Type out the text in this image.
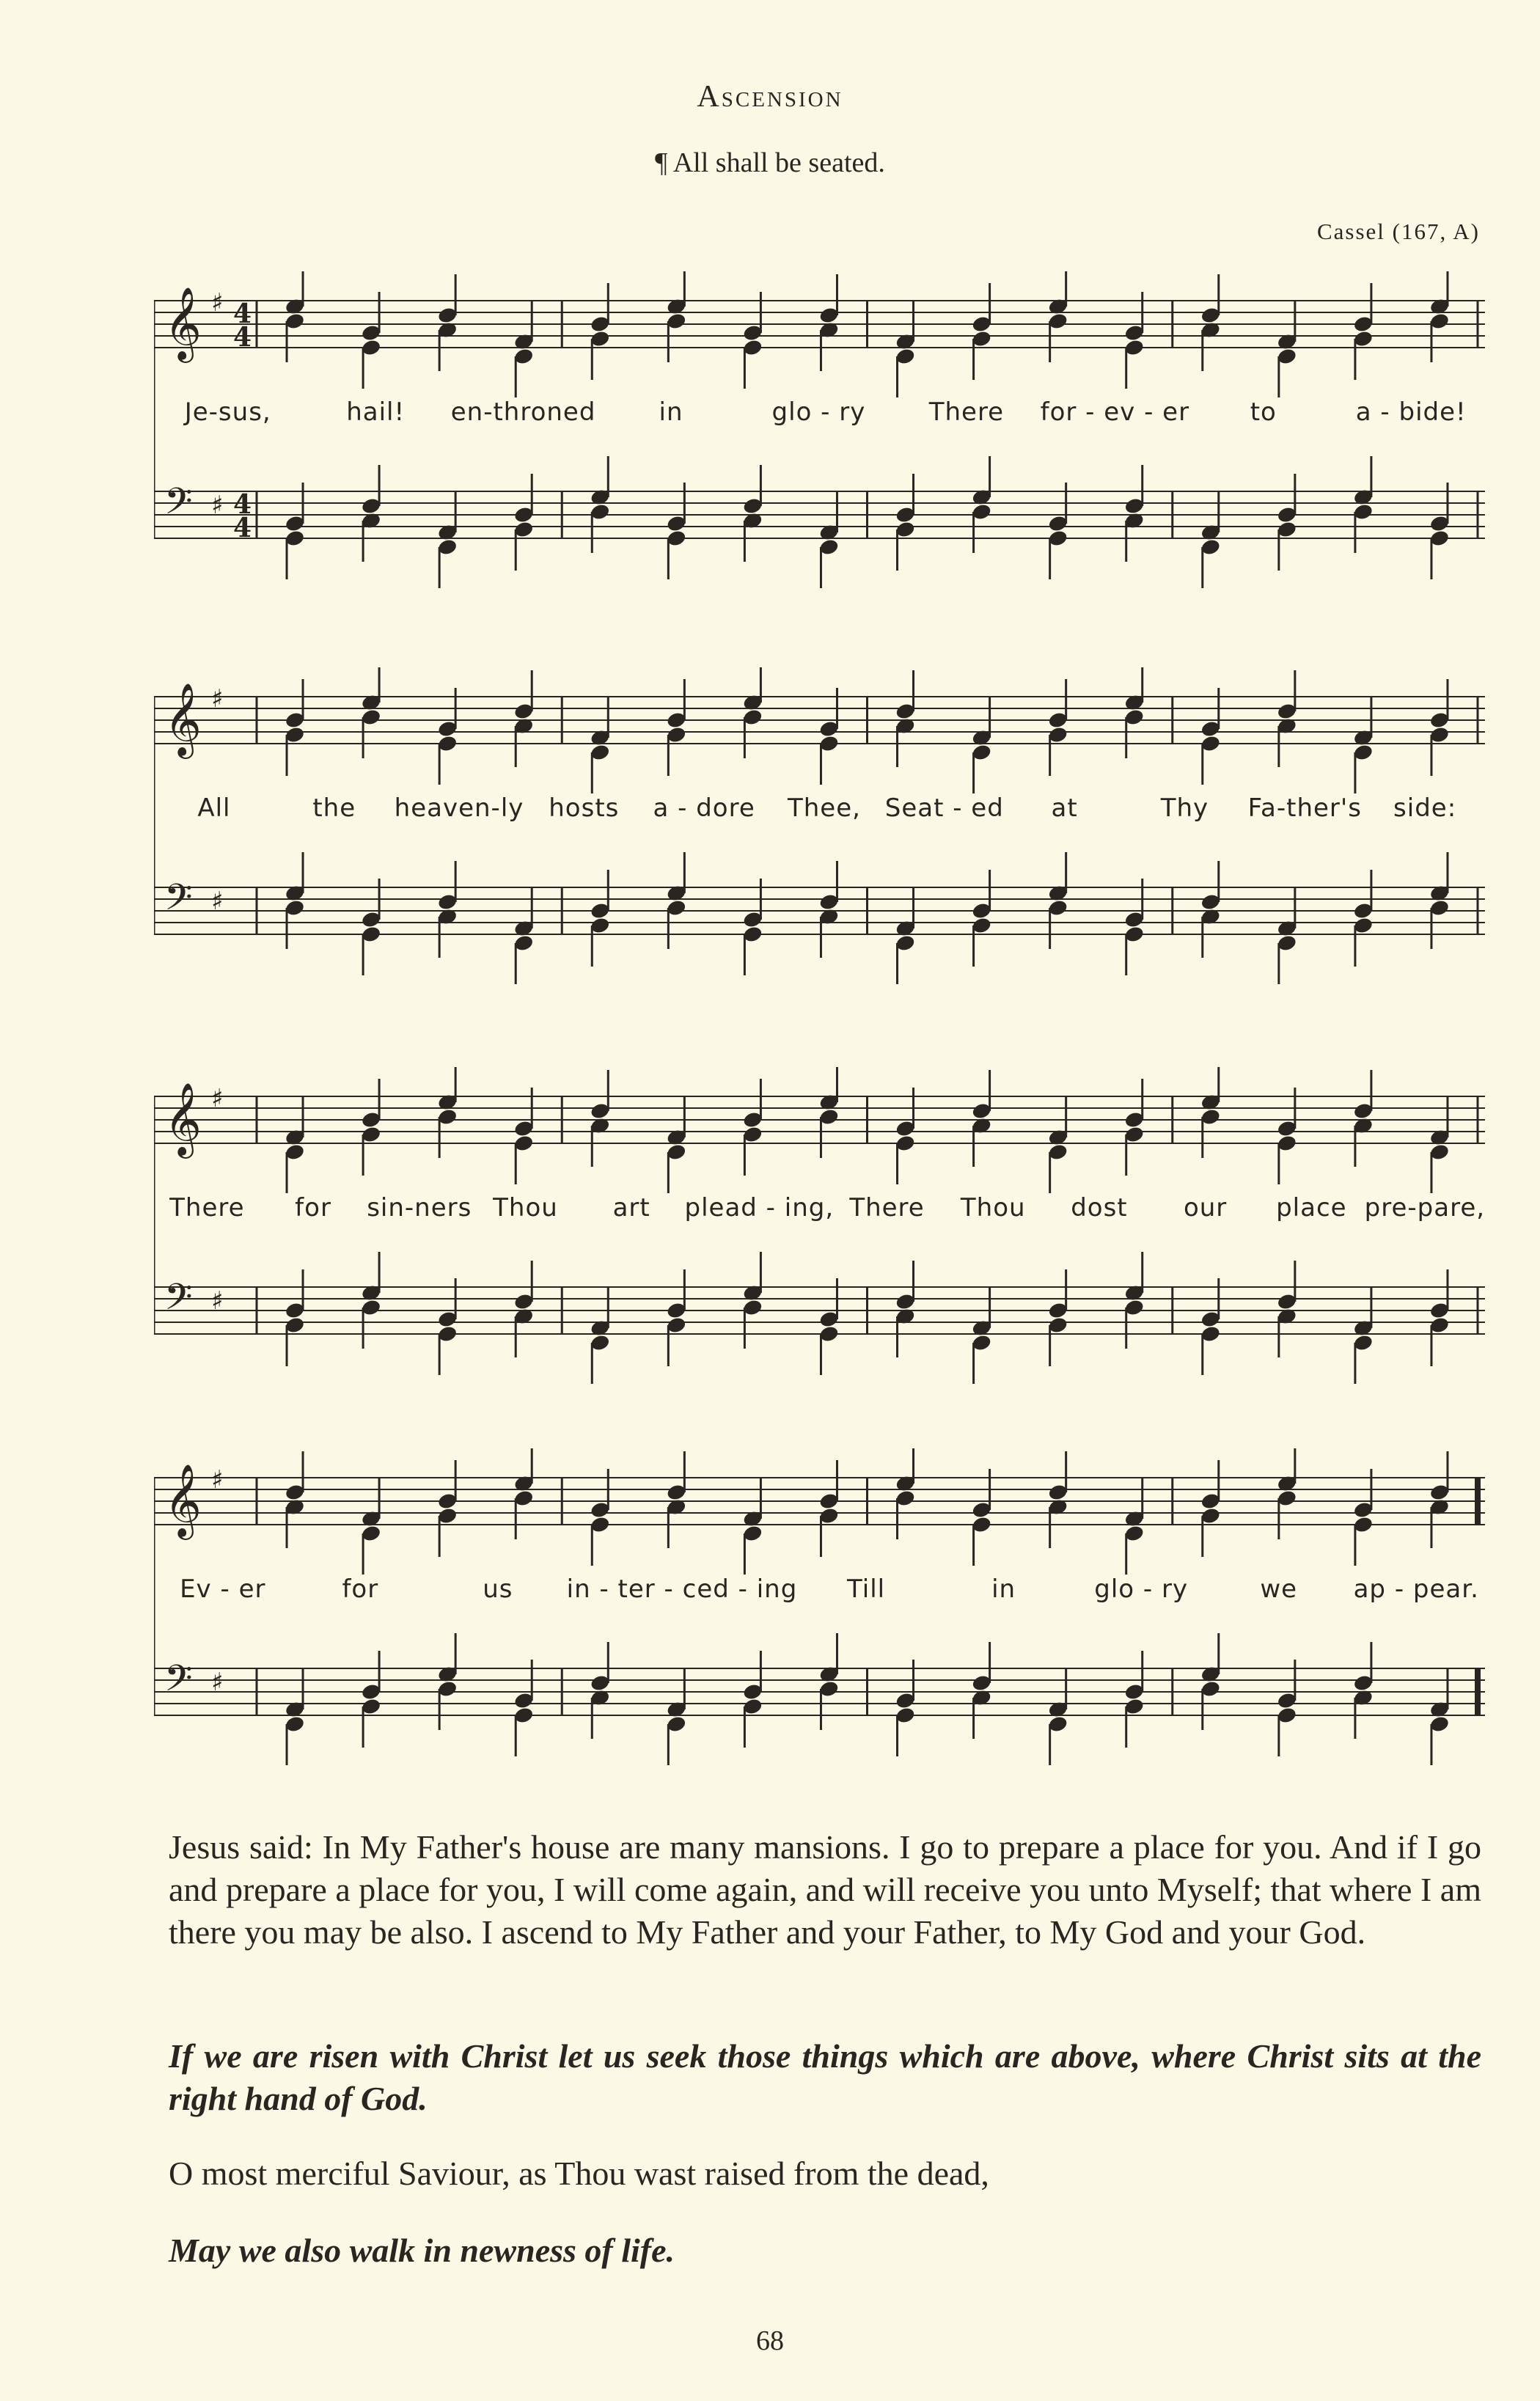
Ascension
¶ All shall be seated.
Cassel (167, A)
𝄞 ♯
4
4
𝄢 ♯
4
4
Je-sus,	hail!	en-throned	in	glo - ry	There	for - ev - er	to	a - bide!
𝄞 ♯
𝄢 ♯
All	the	heaven-ly hosts	a - dore	Thee, Seat - ed	at	Thy	Fa-ther's	side:
𝄞 ♯
𝄢 ♯
There	for	sin-ners Thou	art	plead - ing, There	Thou	dost	our	place pre-pare,
𝄞 ♯
𝄢 ♯
Ev - er	for	us	in - ter - ced - ing	Till	in	glo - ry	we	ap - pear.
Jesus said: In My Father's house are many mansions. I go to prepare a place for you. And if I go and prepare a place for you, I will come again, and will receive you unto Myself; that where I am there you may be also. I ascend to My Father and your Father, to My God and your God.
If we are risen with Christ let us seek those things which are above, where Christ sits at the right hand of God.
O most merciful Saviour, as Thou wast raised from the dead,
May we also walk in newness of life.
68
